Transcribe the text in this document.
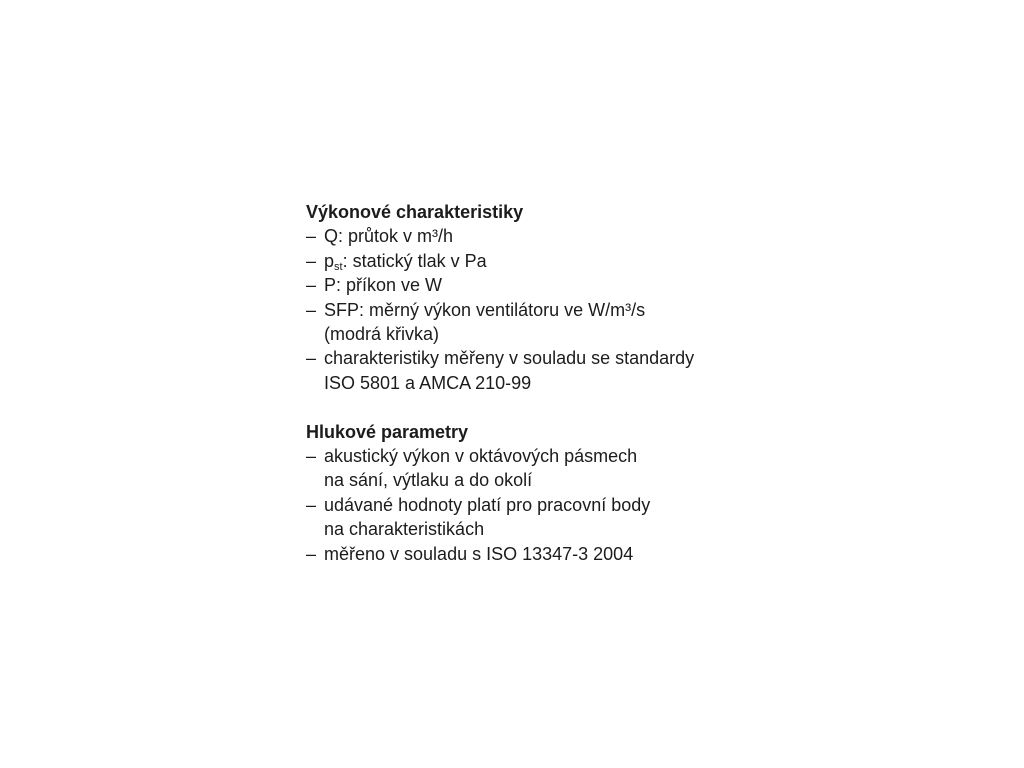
Výkonové charakteristiky

– Q: průtok v m³/h
– $p_{st}$: statický tlak v Pa
– P: příkon ve W
– SFP: měrný výkon ventilátoru ve W/m³/s
(modrá křivka)
– charakteristiky měřeny v souladu se standardy
ISO 5801 a AMCA 210-99

Hlukové parametry

– akustický výkon v oktávových pásmech
na sání, výtlaku a do okolí
– udávané hodnoty platí pro pracovní body
na charakteristikách
– měřeno v souladu s ISO 13347-3 2004
